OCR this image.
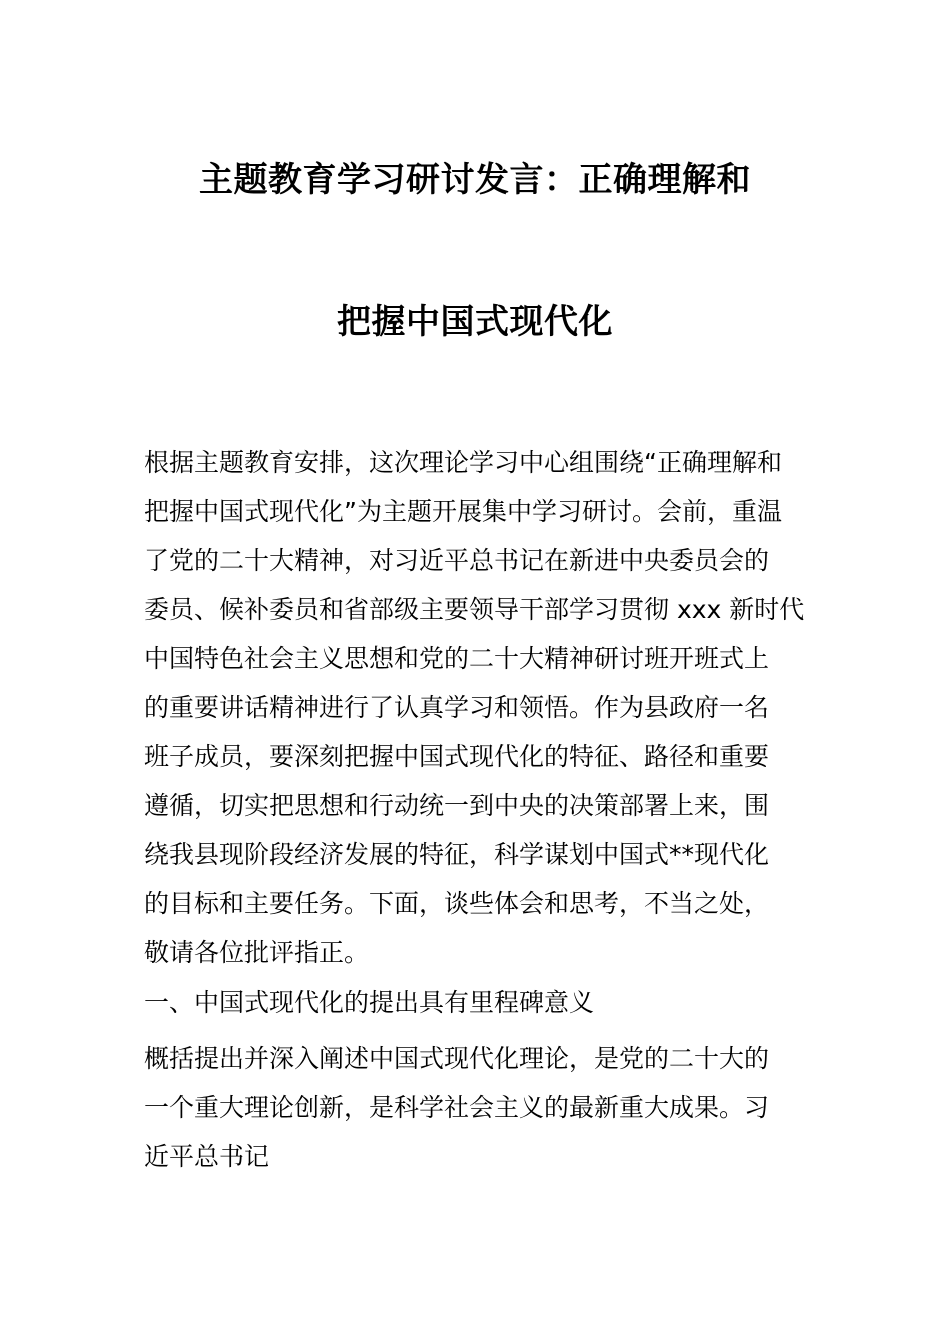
主题教育学习研讨发言：正确理解和
把握中国式现代化
根据主题教育安排，这次理论学习中心组围绕“正确理解和
把握中国式现代化”为主题开展集中学习研讨。会前，重温
了党的二十大精神，对习近平总书记在新进中央委员会的
委员、候补委员和省部级主要领导干部学习贯彻 xxx 新时代
中国特色社会主义思想和党的二十大精神研讨班开班式上
的重要讲话精神进行了认真学习和领悟。作为县政府一名
班子成员，要深刻把握中国式现代化的特征、路径和重要
遵循，切实把思想和行动统一到中央的决策部署上来，围
绕我县现阶段经济发展的特征，科学谋划中国式**现代化
的目标和主要任务。下面，谈些体会和思考，不当之处，
敬请各位批评指正。
一、中国式现代化的提出具有里程碑意义
概括提出并深入阐述中国式现代化理论，是党的二十大的
一个重大理论创新，是科学社会主义的最新重大成果。习
近平总书记
